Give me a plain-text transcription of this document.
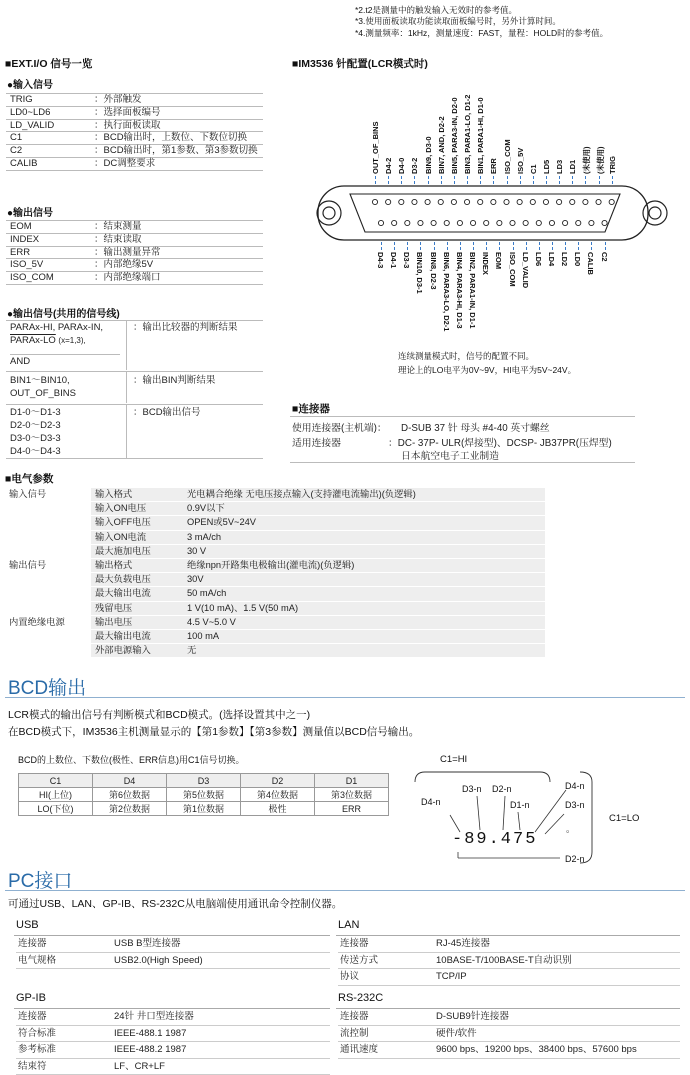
*2.t2是测量中的触发输入无效时的参考值。
*3.使用面板读取功能读取面板编号时，另外计算时间。
*4.测量频率：1kHz，测量速度：FAST，量程：HOLD时的参考值。
■EXT.I/O 信号一览
●输入信号
TRIG	：外部触发
LD0~LD6	：选择面板编号
LD_VALID	：执行面板读取
C1	：BCD输出时，上数位、下数位切换
C2	：BCD输出时，第1参数、第3参数切换
CALIB	：DC调整要求
●输出信号
EOM	：结束测量
INDEX	：结束读取
ERR	：输出测量异常
ISO_5V	：内部绝缘5V
ISO_COM	：内部绝缘端口
●输出信号(共用的信号线)
PARAx-HI, PARAx-IN,
PARAx-LO (x=1,3),
AND
：输出比较器的判断结果
BIN1～BIN10,
OUT_OF_BINS
：输出BIN判断结果
D1-0～D1-3
D2-0～D2-3
D3-0～D3-3
D4-0～D4-3
：BCD输出信号
■IM3536 针配置(LCR模式时)
OUT_OF_BINS D4-2 D4-0 D3-2 BIN9, D3-0 BIN7, AND, D2-2 BIN5, PARA3-IN, D2-0 BIN3, PARA1-LO, D1-2 BIN1, PARA1-HI, D1-0 ERR ISO_COM ISO_5V C1 LD5 LD3 LD1 (未使用) (未使用) TRIG
D4-3 D4-1 D3-3 BIN10, D3-1 BIN8, D2-3 BIN6, PARA3-LO, D2-1 BIN4, PARA3-HI, D1-3 BIN2, PARA1-IN, D1-1 INDEX EOM ISO_COM LD_VALID LD6 LD4 LD2 LD0 CALIB C2
连续测量模式时，信号的配置不同。
理论上的LO电平为0V~9V，HI电平为5V~24V。
■连接器
使用连接器(主机端)： D-SUB 37 针 母头 #4-40 英寸螺丝
适用连接器	：DC- 37P- ULR(焊接型)、DCSP- JB37PR(压焊型)
日本航空电子工业制造
■电气参数
输入信号	输入格式	光电耦合绝缘 无电压接点输入(支持灌电流输出)(负逻辑)
	输入ON电压	0.9V以下
	输入OFF电压	OPEN或5V~24V
	输入ON电流	3 mA/ch
	最大施加电压	30 V
输出信号	输出格式	绝缘npn开路集电极输出(灌电流)(负逻辑)
	最大负载电压	30V
	最大输出电流	50 mA/ch
	残留电压	1 V(10 mA)、1.5 V(50 mA)
内置绝缘电源	输出电压	4.5 V~5.0 V
	最大输出电流	100 mA
	外部电源输入	无
BCD输出
LCR模式的输出信号有判断模式和BCD模式。(选择设置其中之一)
在BCD模式下，IM3536主机测量显示的【第1参数】【第3参数】测量值以BCD信号输出。
BCD的上数位、下数位(极性、ERR信息)用C1信号切换。
C1	D4	D3	D2	D1
HI(上位)	第6位数据	第5位数据	第4位数据	第3位数据
LO(下位)	第2位数据	第1位数据	极性	ERR
C1=HI
D4-n
D3-n D2-n
D1-n
D4-n
D3-n
D2-n
。
C1=LO
-89.475
PC接口
可通过USB、LAN、GP-IB、RS-232C从电脑端使用通讯命令控制仪器。
USB
连接器	USB B型连接器
电气规格	USB2.0(High Speed)
LAN
连接器	RJ-45连接器
传送方式	10BASE-T/100BASE-T自动识别
协议	TCP/IP
GP-IB
连接器	24针 井口型连接器
符合标准	IEEE-488.1 1987
参考标准	IEEE-488.2 1987
结束符	LF、CR+LF
RS-232C
连接器	D-SUB9针连接器
流控制	硬件/软件
通讯速度	9600 bps、19200 bps、38400 bps、57600 bps
